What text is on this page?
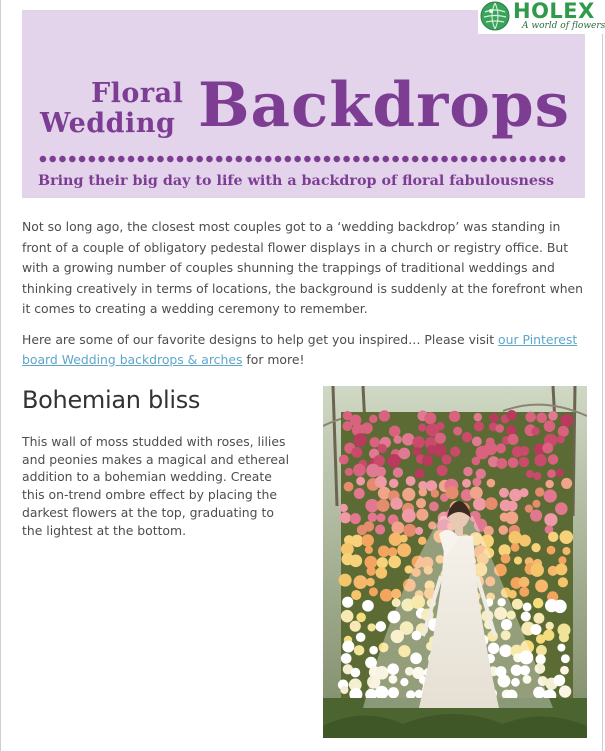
Floral
Wedding Backdrops
Bring their big day to life with a backdrop of floral fabulousness
HOLEX
A world of flowers

Not so long ago, the closest most couples got to a ‘wedding backdrop’ was standing in front of a couple of obligatory pedestal flower displays in a church or registry office. But with a growing number of couples shunning the trappings of traditional weddings and thinking creatively in terms of locations, the background is suddenly at the forefront when it comes to creating a wedding ceremony to remember.

Here are some of our favorite designs to help get you inspired… Please visit our Pinterest board Wedding backdrops & arches for more!

Bohemian bliss

This wall of moss studded with roses, lilies and peonies makes a magical and ethereal addition to a bohemian wedding. Create this on-trend ombre effect by placing the darkest flowers at the top, graduating to the lightest at the bottom.
